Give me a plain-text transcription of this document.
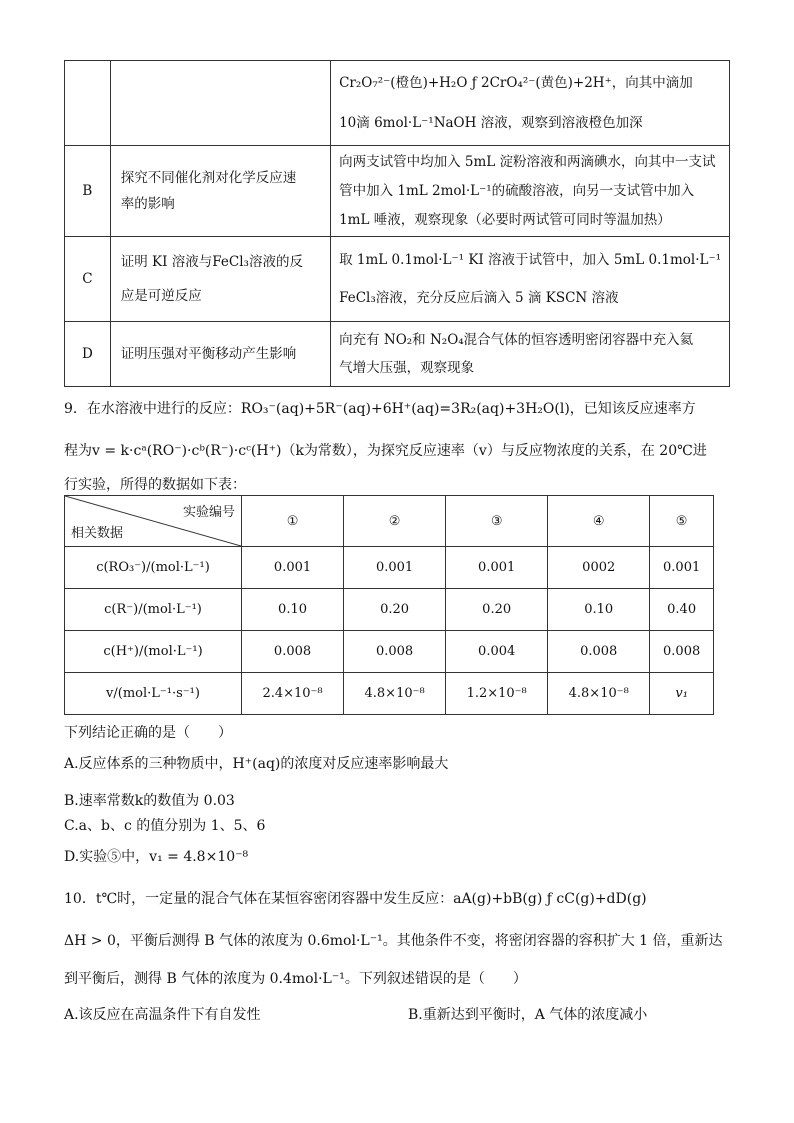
		Cr₂O₇²⁻(橙色)+H₂O ƒ 2CrO₄²⁻(黄色)+2H⁺，向其中滴加
10滴 6mol·L⁻¹NaOH 溶液，观察到溶液橙色加深

B	探究不同催化剂对化学反应速
率的影响	向两支试管中均加入 5mL 淀粉溶液和两滴碘水，向其中一支试
管中加入 1mL 2mol·L⁻¹的硫酸溶液，向另一支试管中加入
1mL 唾液，观察现象（必要时两试管可同时等温加热）

C	证明 KI 溶液与FeCl₃溶液的反
应是可逆反应	取 1mL 0.1mol·L⁻¹ KI 溶液于试管中，加入 5mL 0.1mol·L⁻¹
FeCl₃溶液，充分反应后滴入 5 滴 KSCN 溶液

D	证明压强对平衡移动产生影响	向充有 NO₂和 N₂O₄混合气体的恒容透明密闭容器中充入氦
气增大压强，观察现象
9．在水溶液中进行的反应：RO₃⁻(aq)+5R⁻(aq)+6H⁺(aq)=3R₂(aq)+3H₂O(l)，已知该反应速率方
程为v = k·cᵃ(RO⁻)·cᵇ(R⁻)·cᶜ(H⁺)（k为常数），为探究反应速率（v）与反应物浓度的关系，在 20℃进
行实验，所得的数据如下表：
实验编号
相关数据	①	②	③	④	⑤
c(RO₃⁻)/(mol·L⁻¹)	0.001	0.001	0.001	0002	0.001
c(R⁻)/(mol·L⁻¹)	0.10	0.20	0.20	0.10	0.40
c(H⁺)/(mol·L⁻¹)	0.008	0.008	0.004	0.008	0.008
v/(mol·L⁻¹·s⁻¹)	2.4×10⁻⁸	4.8×10⁻⁸	1.2×10⁻⁸	4.8×10⁻⁸	v₁
下列结论正确的是（　　）
A.反应体系的三种物质中，H⁺(aq)的浓度对反应速率影响最大
B.速率常数k的数值为 0.03
C.a、b、c 的值分别为 1、5、6
D.实验⑤中，v₁ = 4.8×10⁻⁸
10．t℃时，一定量的混合气体在某恒容密闭容器中发生反应：aA(g)+bB(g) ƒ cC(g)+dD(g)
ΔH > 0，平衡后测得 B 气体的浓度为 0.6mol·L⁻¹。其他条件不变，将密闭容器的容积扩大 1 倍，重新达
到平衡后，测得 B 气体的浓度为 0.4mol·L⁻¹。下列叙述错误的是（　　）
A.该反应在高温条件下有自发性	B.重新达到平衡时，A 气体的浓度减小
